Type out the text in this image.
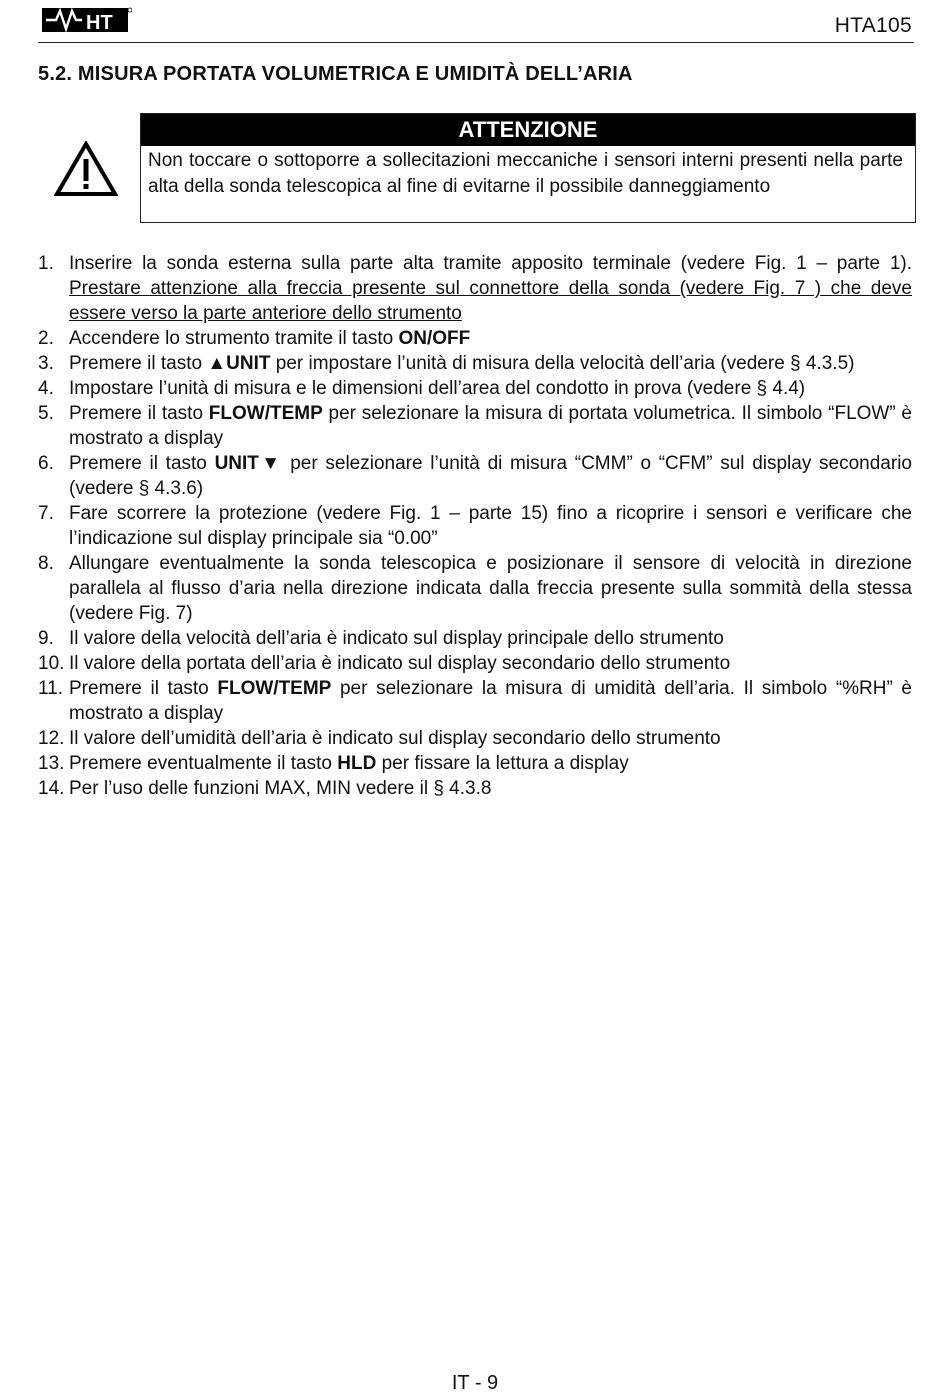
HT	HTA105
5.2. MISURA PORTATA VOLUMETRICA E UMIDITÀ DELL’ARIA
ATTENZIONE
Non toccare o sottoporre a sollecitazioni meccaniche i sensori interni presenti nella parte alta della sonda telescopica al fine di evitarne il possibile danneggiamento
1. Inserire la sonda esterna sulla parte alta tramite apposito terminale (vedere Fig. 1 – parte 1). Prestare attenzione alla freccia presente sul connettore della sonda (vedere Fig. 7 ) che deve essere verso la parte anteriore dello strumento
2. Accendere lo strumento tramite il tasto ON/OFF
3. Premere il tasto ▲UNIT per impostare l’unità di misura della velocità dell’aria (vedere § 4.3.5)
4. Impostare l’unità di misura e le dimensioni dell’area del condotto in prova (vedere § 4.4)
5. Premere il tasto FLOW/TEMP per selezionare la misura di portata volumetrica. Il simbolo “FLOW” è mostrato a display
6. Premere il tasto UNIT▼ per selezionare l’unità di misura “CMM” o “CFM” sul display secondario (vedere § 4.3.6)
7. Fare scorrere la protezione (vedere Fig. 1 – parte 15) fino a ricoprire i sensori e verificare che l’indicazione sul display principale sia “0.00”
8. Allungare eventualmente la sonda telescopica e posizionare il sensore di velocità in direzione parallela al flusso d’aria nella direzione indicata dalla freccia presente sulla sommità della stessa (vedere Fig. 7)
9. Il valore della velocità dell’aria è indicato sul display principale dello strumento
10. Il valore della portata dell’aria è indicato sul display secondario dello strumento
11. Premere il tasto FLOW/TEMP per selezionare la misura di umidità dell’aria. Il simbolo “%RH” è mostrato a display
12. Il valore dell’umidità dell’aria è indicato sul display secondario dello strumento
13. Premere eventualmente il tasto HLD per fissare la lettura a display
14. Per l’uso delle funzioni MAX, MIN vedere il § 4.3.8
IT - 9
